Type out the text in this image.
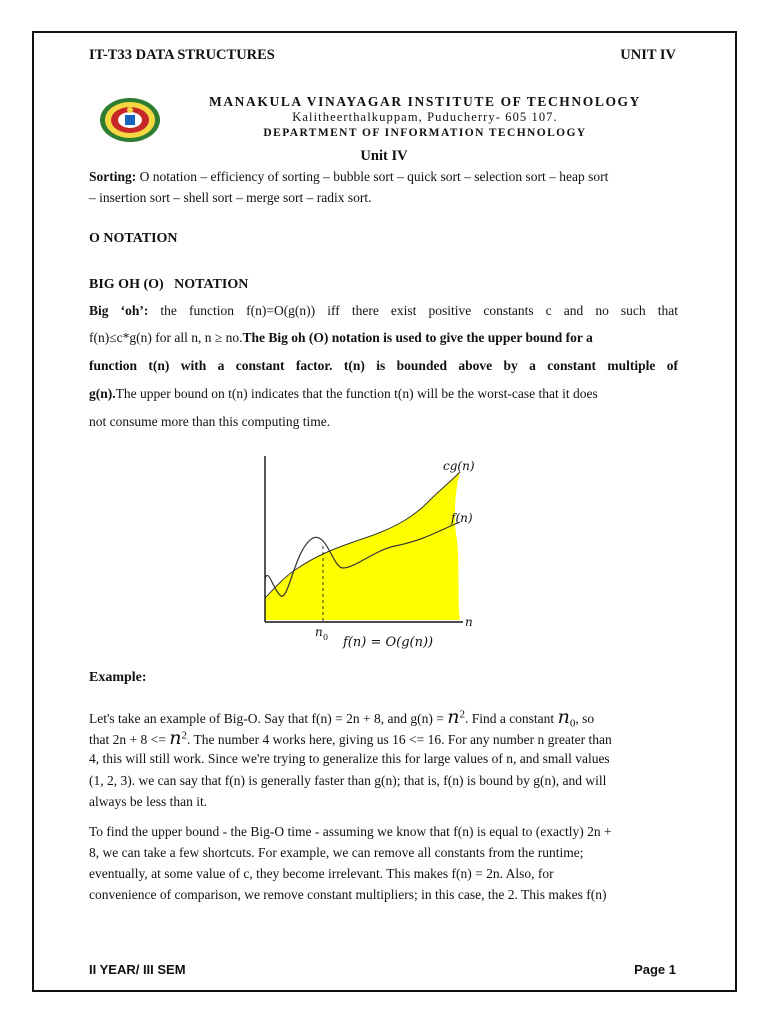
IT-T33 DATA STRUCTURES	UNIT IV
MANAKULA VINAYAGAR INSTITUTE OF TECHNOLOGY
Kalitheerthalkuppam, Puducherry- 605 107.
DEPARTMENT OF INFORMATION TECHNOLOGY
Unit IV
Sorting: O notation – efficiency of sorting – bubble sort – quick sort – selection sort – heap sort
– insertion sort – shell sort – merge sort – radix sort.
O NOTATION
BIG OH (O)   NOTATION
Big ‘oh’: the function f(n)=O(g(n)) iff there exist positive constants c and no such that
f(n)≤c*g(n) for all n, n ≥ no.The Big oh (O) notation is used to give the upper bound for a
function t(n) with a constant factor. t(n) is bounded above by a constant multiple of
g(n).The upper bound on t(n) indicates that the function t(n) will be the worst-case that it does
not consume more than this computing time.
cg(n)
f(n)
n
n 0 f(n) = O(g(n))
Example:
Let's take an example of Big-O. Say that f(n) = 2n + 8, and $g(n) = n^2$. Find a constant $n_0$, so
that $2n + 8 <= n^2$. The number 4 works here, giving us 16 <= 16. For any number n greater than
4, this will still work. Since we're trying to generalize this for large values of n, and small values
(1, 2, 3). we can say that f(n) is generally faster than g(n); that is, f(n) is bound by g(n), and will
always be less than it.
To find the upper bound - the Big-O time - assuming we know that f(n) is equal to (exactly) 2n +
8, we can take a few shortcuts. For example, we can remove all constants from the runtime;
eventually, at some value of c, they become irrelevant. This makes f(n) = 2n. Also, for
convenience of comparison, we remove constant multipliers; in this case, the 2. This makes f(n)
II YEAR/ III SEM	Page 1
